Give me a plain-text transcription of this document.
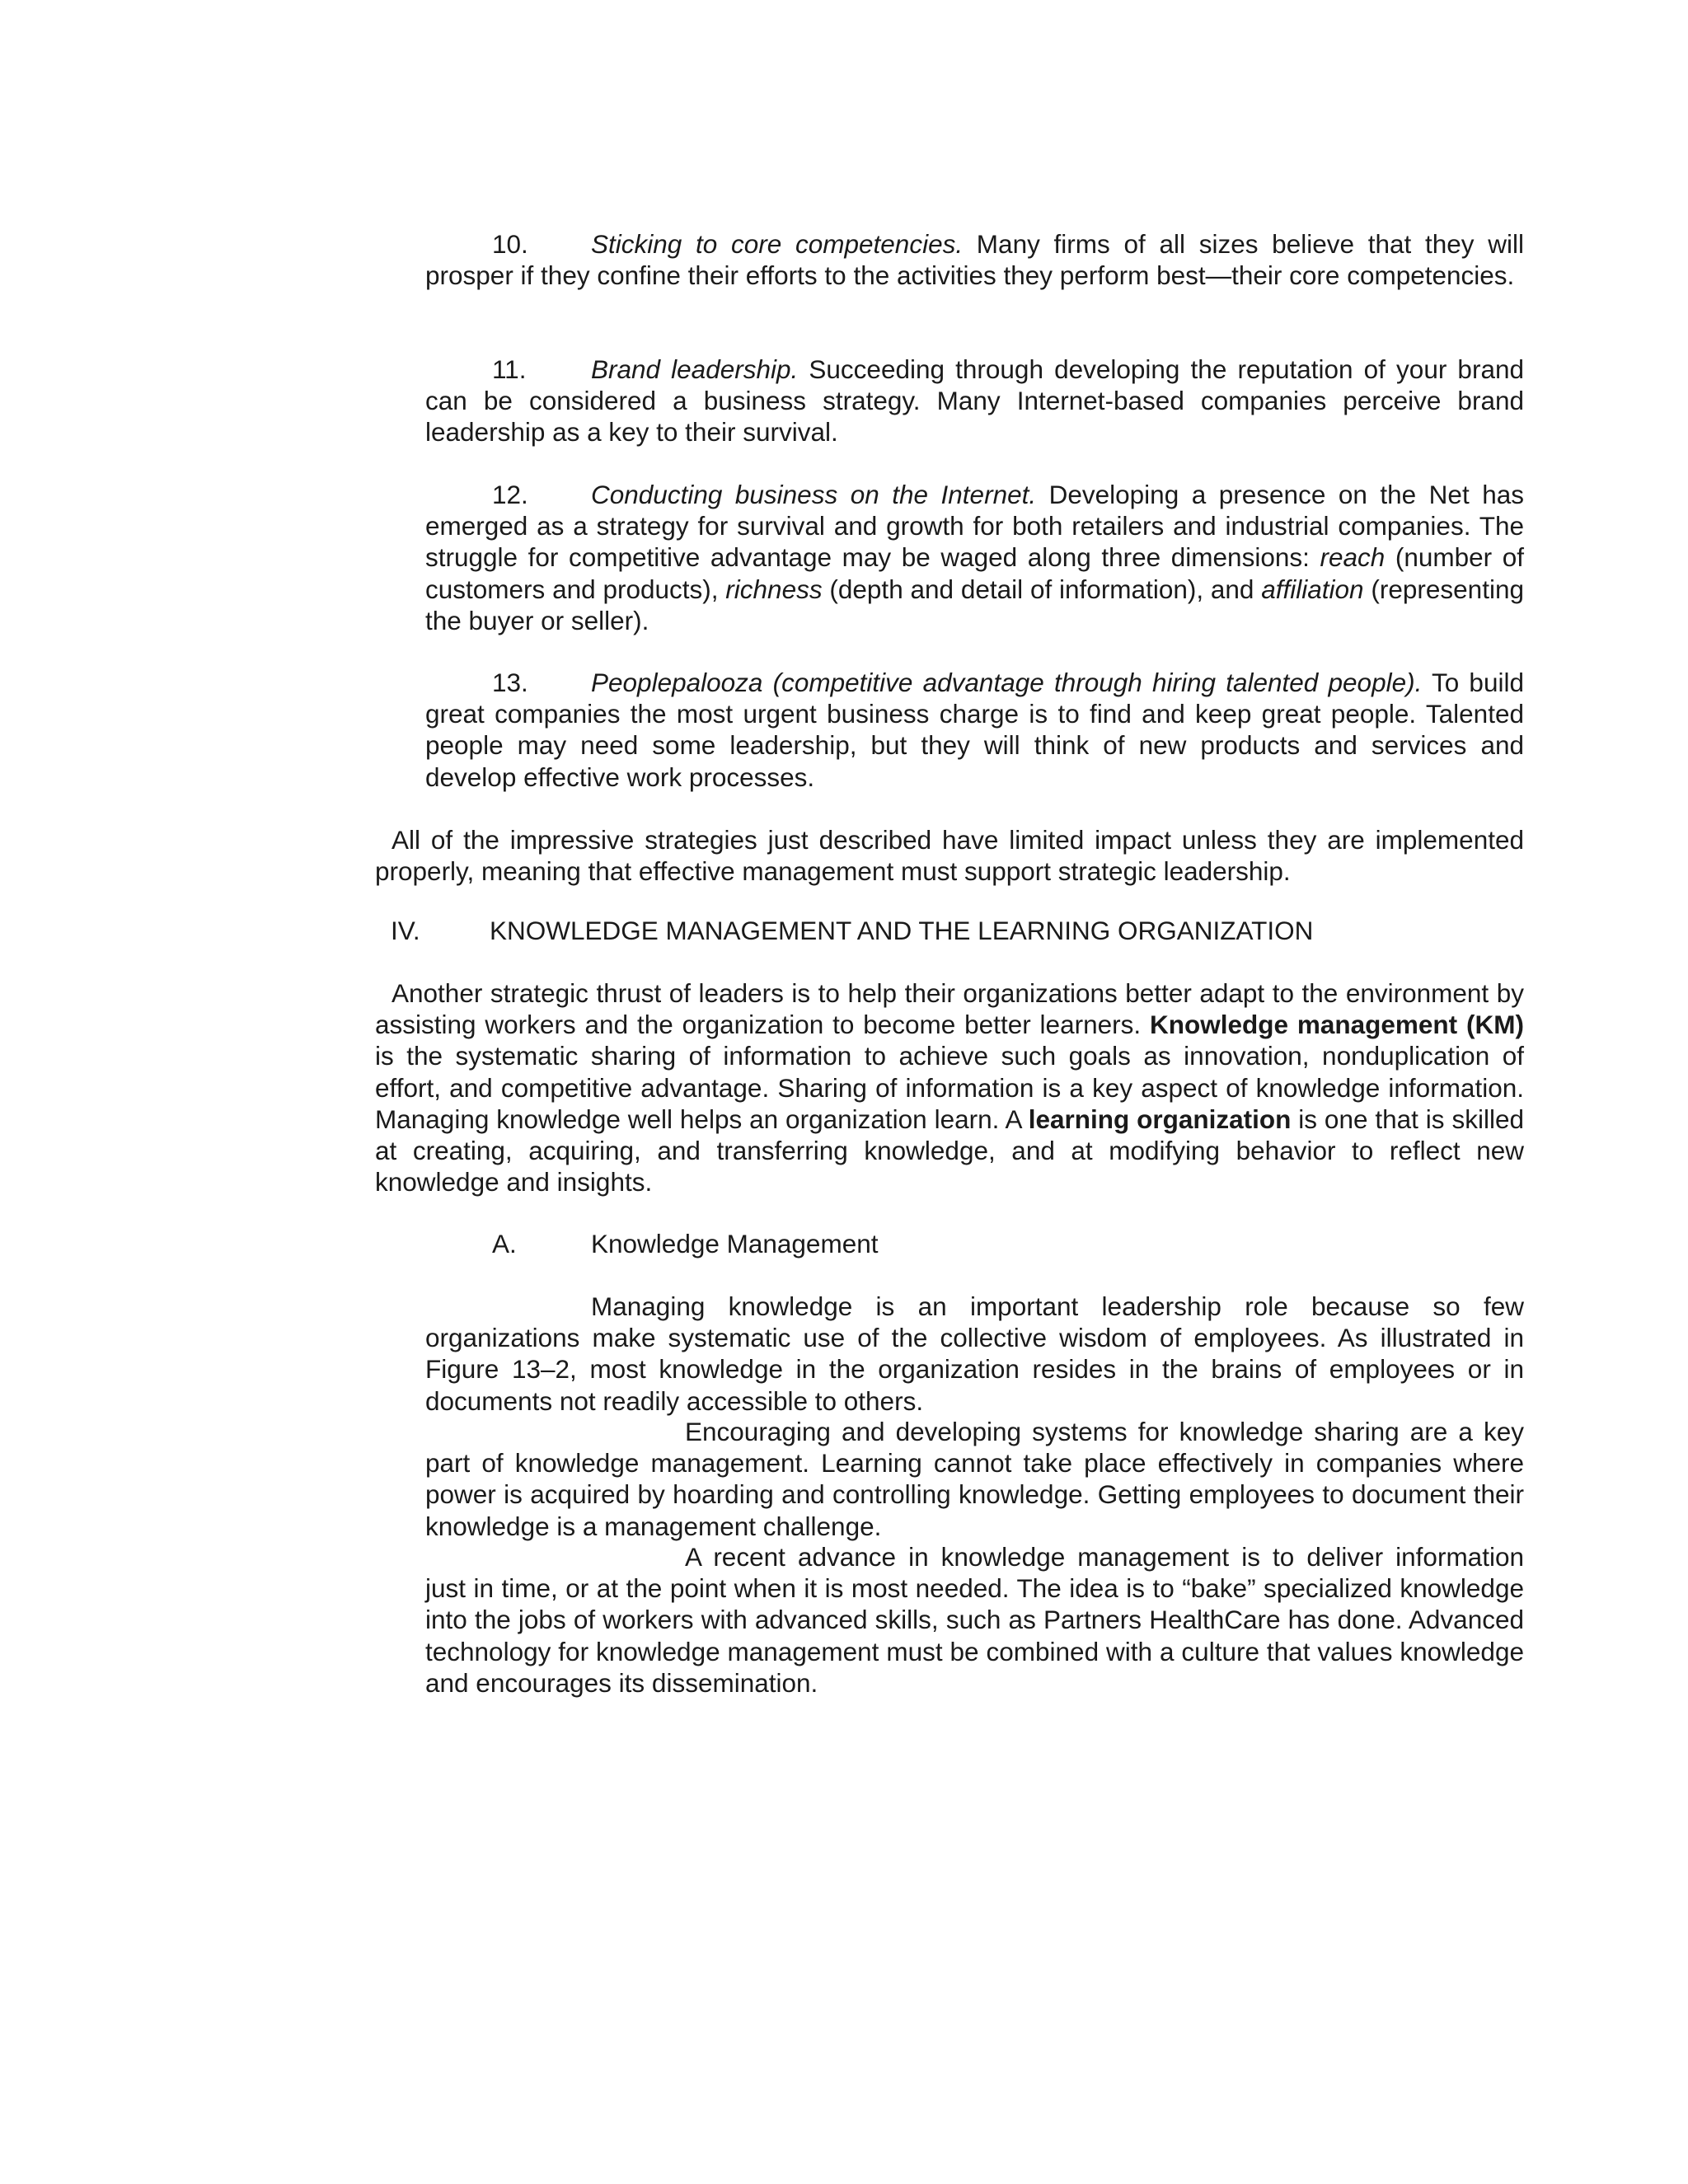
10. Sticking to core competencies. Many firms of all sizes believe that they will prosper if they confine their efforts to the activities they perform best—their core competencies.

11. Brand leadership. Succeeding through developing the reputation of your brand can be considered a business strategy. Many Internet-based companies perceive brand leadership as a key to their survival.

12. Conducting business on the Internet. Developing a presence on the Net has emerged as a strategy for survival and growth for both retailers and industrial companies. The struggle for competitive advantage may be waged along three dimensions: reach (number of customers and products), richness (depth and detail of information), and affiliation (representing the buyer or seller).

13. Peoplepalooza (competitive advantage through hiring talented people). To build great companies the most urgent business charge is to find and keep great people. Talented people may need some leadership, but they will think of new products and services and develop effective work processes.

All of the impressive strategies just described have limited impact unless they are implemented properly, meaning that effective management must support strategic leadership.

IV.	KNOWLEDGE MANAGEMENT AND THE LEARNING ORGANIZATION

Another strategic thrust of leaders is to help their organizations better adapt to the environment by assisting workers and the organization to become better learners. Knowledge management (KM) is the systematic sharing of information to achieve such goals as innovation, nonduplication of effort, and competitive advantage. Sharing of information is a key aspect of knowledge information. Managing knowledge well helps an organization learn. A learning organization is one that is skilled at creating, acquiring, and transferring knowledge, and at modifying behavior to reflect new knowledge and insights.

A.	Knowledge Management

Managing knowledge is an important leadership role because so few organizations make systematic use of the collective wisdom of employees. As illustrated in Figure 13–2, most knowledge in the organization resides in the brains of employees or in documents not readily accessible to others.

Encouraging and developing systems for knowledge sharing are a key part of knowledge management. Learning cannot take place effectively in companies where power is acquired by hoarding and controlling knowledge. Getting employees to document their knowledge is a management challenge.

A recent advance in knowledge management is to deliver information just in time, or at the point when it is most needed. The idea is to “bake” specialized knowledge into the jobs of workers with advanced skills, such as Partners HealthCare has done. Advanced technology for knowledge management must be combined with a culture that values knowledge and encourages its dissemination.
